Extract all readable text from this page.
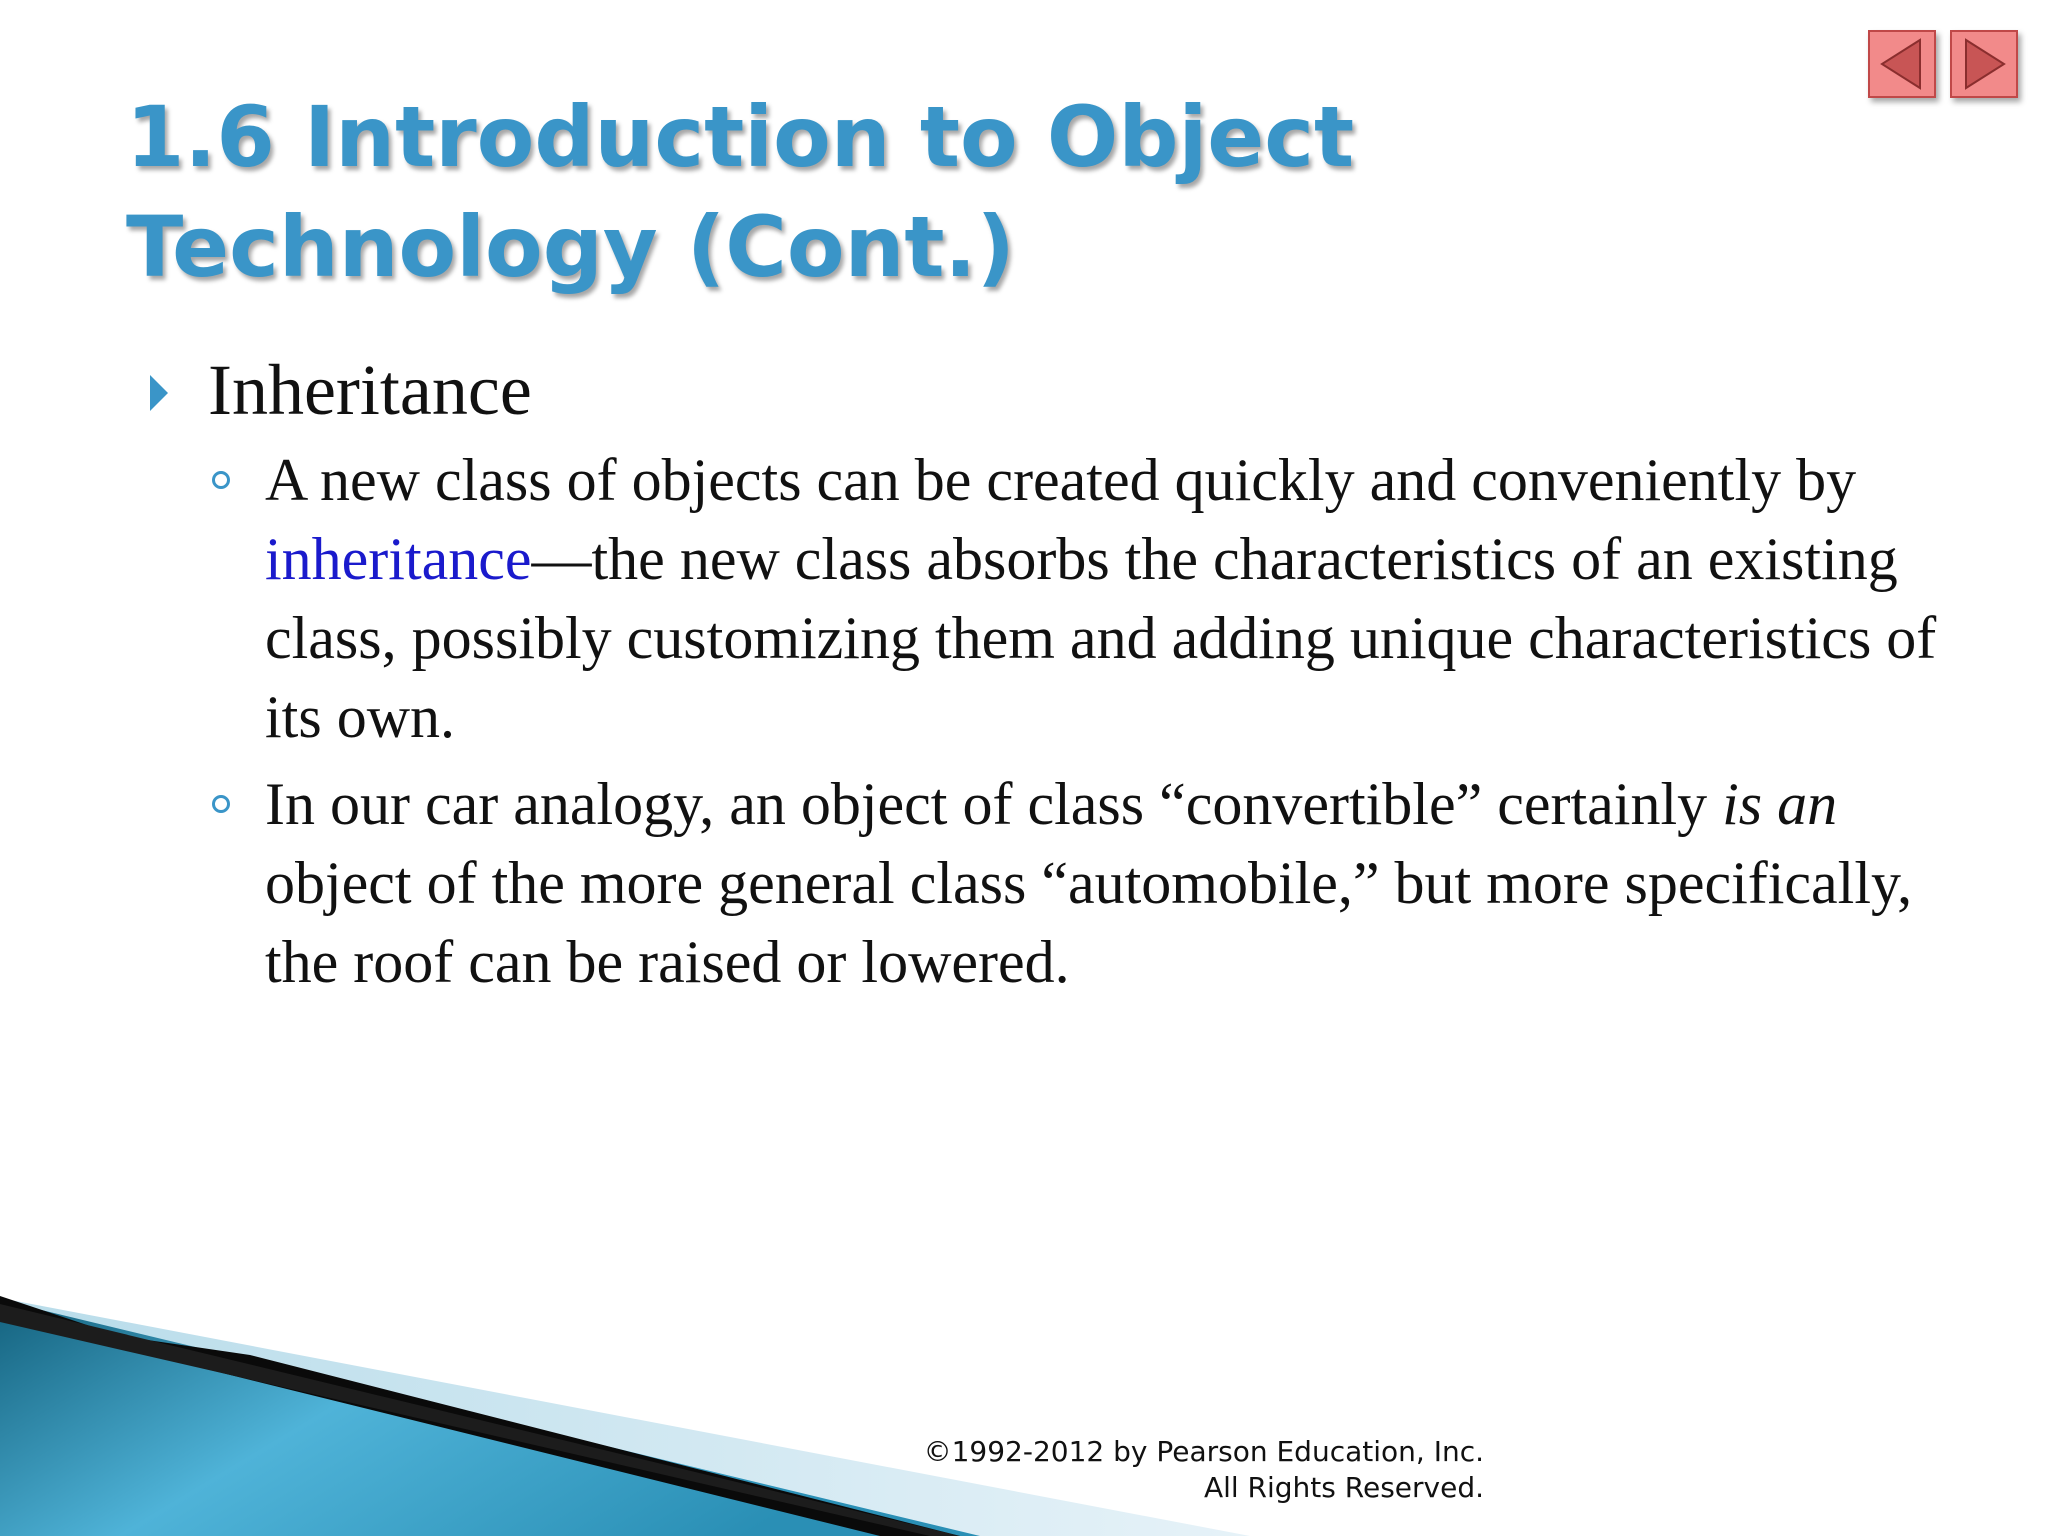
1.6 Introduction to Object Technology (Cont.)
Inheritance
A new class of objects can be created quickly and conveniently by inheritance—the new class absorbs the characteristics of an existing class, possibly customizing them and adding unique characteristics of its own.
In our car analogy, an object of class “convertible” certainly is an object of the more general class “automobile,” but more specifically, the roof can be raised or lowered.
©1992-2012 by Pearson Education, Inc.
All Rights Reserved.
